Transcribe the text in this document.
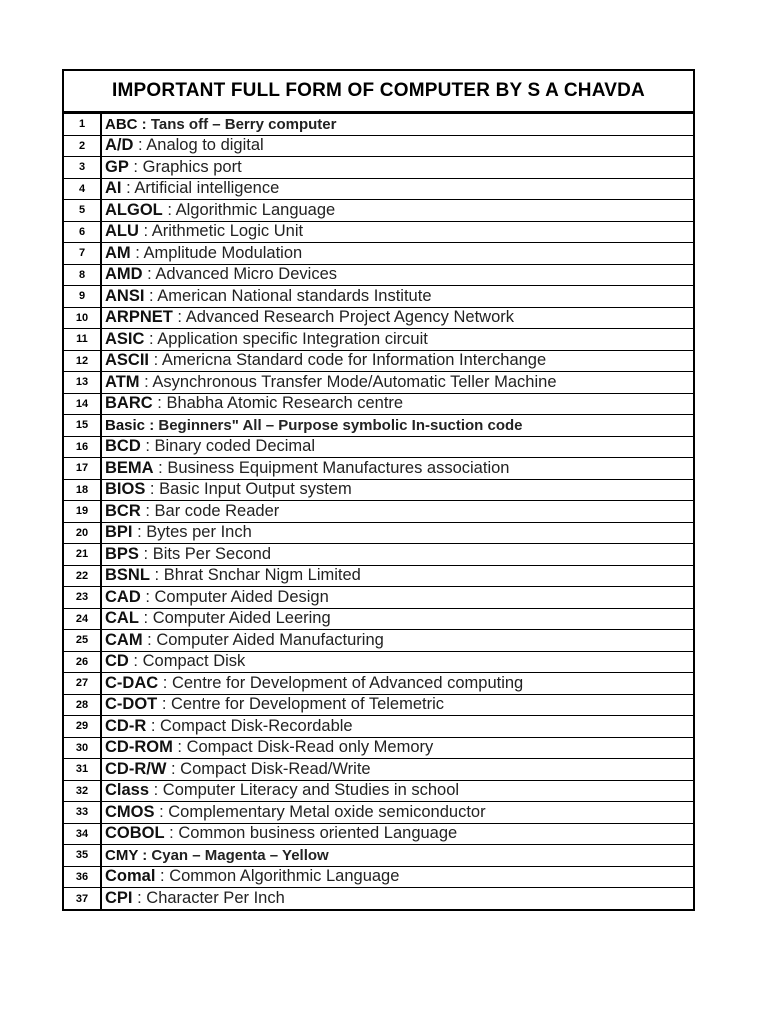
IMPORTANT FULL FORM OF COMPUTER BY S A CHAVDA
1	ABC : Tans off – Berry computer
2	A/D : Analog to digital
3	GP : Graphics port
4	AI : Artificial intelligence
5	ALGOL : Algorithmic Language
6	ALU : Arithmetic Logic Unit
7	AM : Amplitude Modulation
8	AMD : Advanced Micro Devices
9	ANSI : American National standards Institute
10	ARPNET : Advanced Research Project Agency Network
11	ASIC : Application specific Integration circuit
12	ASCII : Americna Standard code for Information Interchange
13	ATM : Asynchronous Transfer Mode/Automatic Teller Machine
14	BARC : Bhabha Atomic Research centre
15	Basic : Beginners" All – Purpose symbolic In-suction code
16	BCD : Binary coded Decimal
17	BEMA : Business Equipment Manufactures association
18	BIOS : Basic Input Output system
19	BCR : Bar code Reader
20	BPI : Bytes per Inch
21	BPS : Bits Per Second
22	BSNL : Bhrat Snchar Nigm Limited
23	CAD : Computer Aided Design
24	CAL : Computer Aided Leering
25	CAM : Computer Aided Manufacturing
26	CD : Compact Disk
27	C-DAC : Centre for Development of Advanced computing
28	C-DOT : Centre for Development of Telemetric
29	CD-R : Compact Disk-Recordable
30	CD-ROM : Compact Disk-Read only Memory
31	CD-R/W : Compact Disk-Read/Write
32	Class : Computer Literacy and Studies in school
33	CMOS : Complementary Metal oxide semiconductor
34	COBOL : Common business oriented Language
35	CMY : Cyan – Magenta – Yellow
36	Comal : Common Algorithmic Language
37	CPI : Character Per Inch
